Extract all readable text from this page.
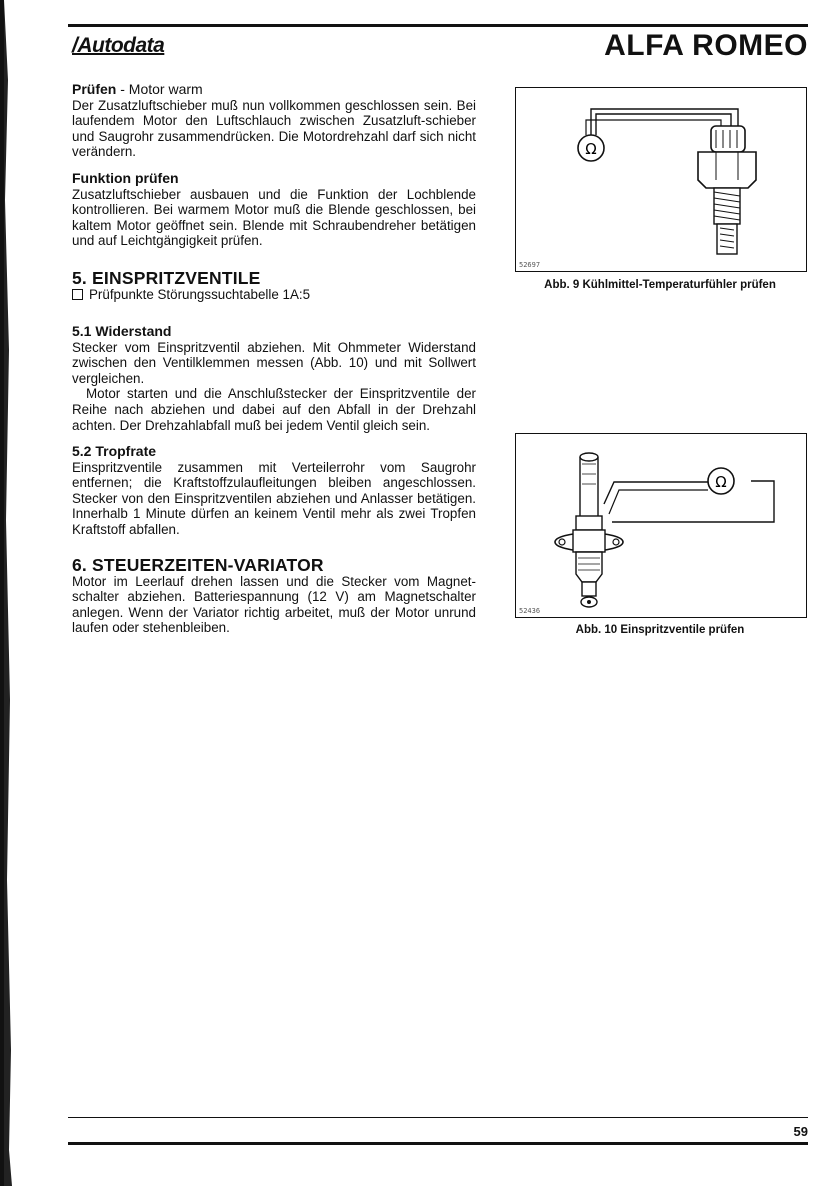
/Autodata	ALFA ROMEO
Prüfen - Motor warm

Der Zusatzluftschieber muß nun vollkommen geschlossen sein. Bei laufendem Motor den Luftschlauch zwischen Zusatzluft-schieber und Saugrohr zusammendrücken. Die Motordrehzahl darf sich nicht verändern.

Funktion prüfen

Zusatzluftschieber ausbauen und die Funktion der Lochblende kontrollieren. Bei warmem Motor muß die Blende geschlossen, bei kaltem Motor geöffnet sein. Blende mit Schraubendreher betätigen und auf Leichtgängigkeit prüfen.

5. EINSPRITZVENTILE

Prüfpunkte Störungssuchtabelle 1A:5

5.1 Widerstand

Stecker vom Einspritzventil abziehen. Mit Ohmmeter Widerstand zwischen den Ventilklemmen messen (Abb. 10) und mit Sollwert vergleichen.

Motor starten und die Anschlußstecker der Einspritzventile der Reihe nach abziehen und dabei auf den Abfall in der Drehzahl achten. Der Drehzahlabfall muß bei jedem Ventil gleich sein.

5.2 Tropfrate

Einspritzventile zusammen mit Verteilerrohr vom Saugrohr entfernen; die Kraftstoffzulaufleitungen bleiben angeschlossen. Stecker von den Einspritzventilen abziehen und Anlasser betätigen. Innerhalb 1 Minute dürfen an keinem Ventil mehr als zwei Tropfen Kraftstoff abfallen.

6. STEUERZEITEN-VARIATOR

Motor im Leerlauf drehen lassen und die Stecker vom Magnet-schalter abziehen. Batteriespannung (12 V) am Magnetschalter anlegen. Wenn der Variator richtig arbeitet, muß der Motor unrund laufen oder stehenbleiben.

Ω
52697
Abb. 9 Kühlmittel-Temperaturfühler prüfen
Ω
52436
Abb. 10 Einspritzventile prüfen
59
